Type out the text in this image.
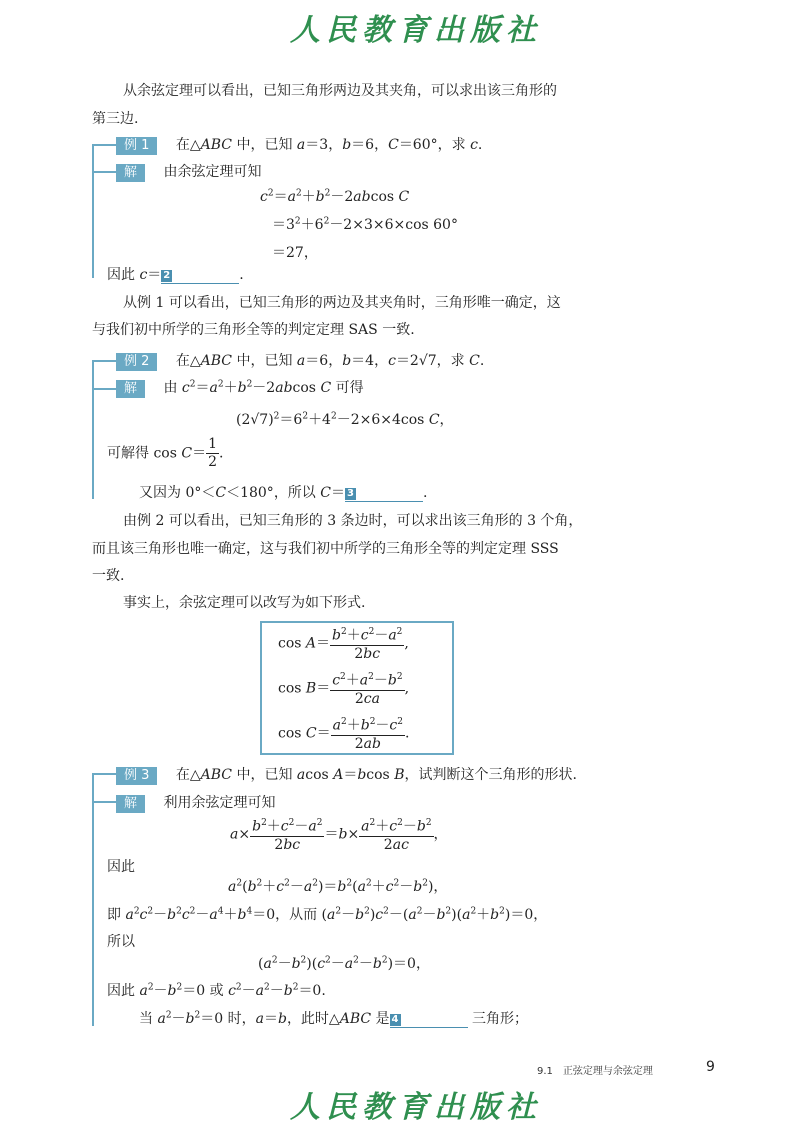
人民教育出版社
从余弦定理可以看出，已知三角形两边及其夹角，可以求出该三角形的
第三边.
例 1 在△ABC 中，已知 a＝3，b＝6，C＝60°，求 c.
解 由余弦定理可知
$c^2=a^2+b^2-2abcos$ C
$=3^2+6^2-2\times 3\times 6\times\cos$ 60°
＝27，
因此 c＝ 2	.
从例 1 可以看出，已知三角形的两边及其夹角时，三角形唯一确定，这
与我们初中所学的三角形全等的判定定理 SAS 一致.
例 2 在△ABC 中，已知 a＝6，b＝4，c＝2√7，求 C.
解 由 $c^2=a^2+b^2-2abcos$ C 可得
$(2√7)^2=6^2+4^2-2\times 6\times 4\cos$ C，
可解得 $\cos C= \frac{1}{2}$ .
又因为 0°＜C＜180°，所以 C＝ 3	.
由例 2 可以看出，已知三角形的 3 条边时，可以求出该三角形的 3 个角，
而且该三角形也唯一确定，这与我们初中所学的三角形全等的判定定理 SSS
一致.
事实上，余弦定理可以改写为如下形式.
$\cos A= \frac{b^2+c^2-a^2}{2bc}$ ,
$\cos B= \frac{c^2+a^2-b^2}{2ca}$ ,
$\cos C= \frac{a^2+b^2-c^2}{2ab}$ .
例 3 在△ABC 中，已知 acos A＝bcos B，试判断这个三角形的形状.
解 利用余弦定理可知
$a\times \frac{b^2+c^2-a^2}{2bc} =b\times \frac{a^2+c^2-b^2}{2ac}$ ，
因此
$a^2(b^2+c^2-a^2)=b^2(a^2+c^2-b^2)$，
即 $a^2c^2-b^2c^2-a^4+b^4=0$，从而 $(a^2-b^2)c^2-(a^2-b^2)(a^2+b^2)=0$，
所以
$(a^2-b^2)(c^2-a^2-b^2)=0$，
因此 $a^2-b^2=0$ 或 $c^2-a^2-b^2=0$.
当 $a^2-b^2=0$ 时，a＝b，此时△ABC 是 4	三角形；
9.1　正弦定理与余弦定理	9
人民教育出版社
